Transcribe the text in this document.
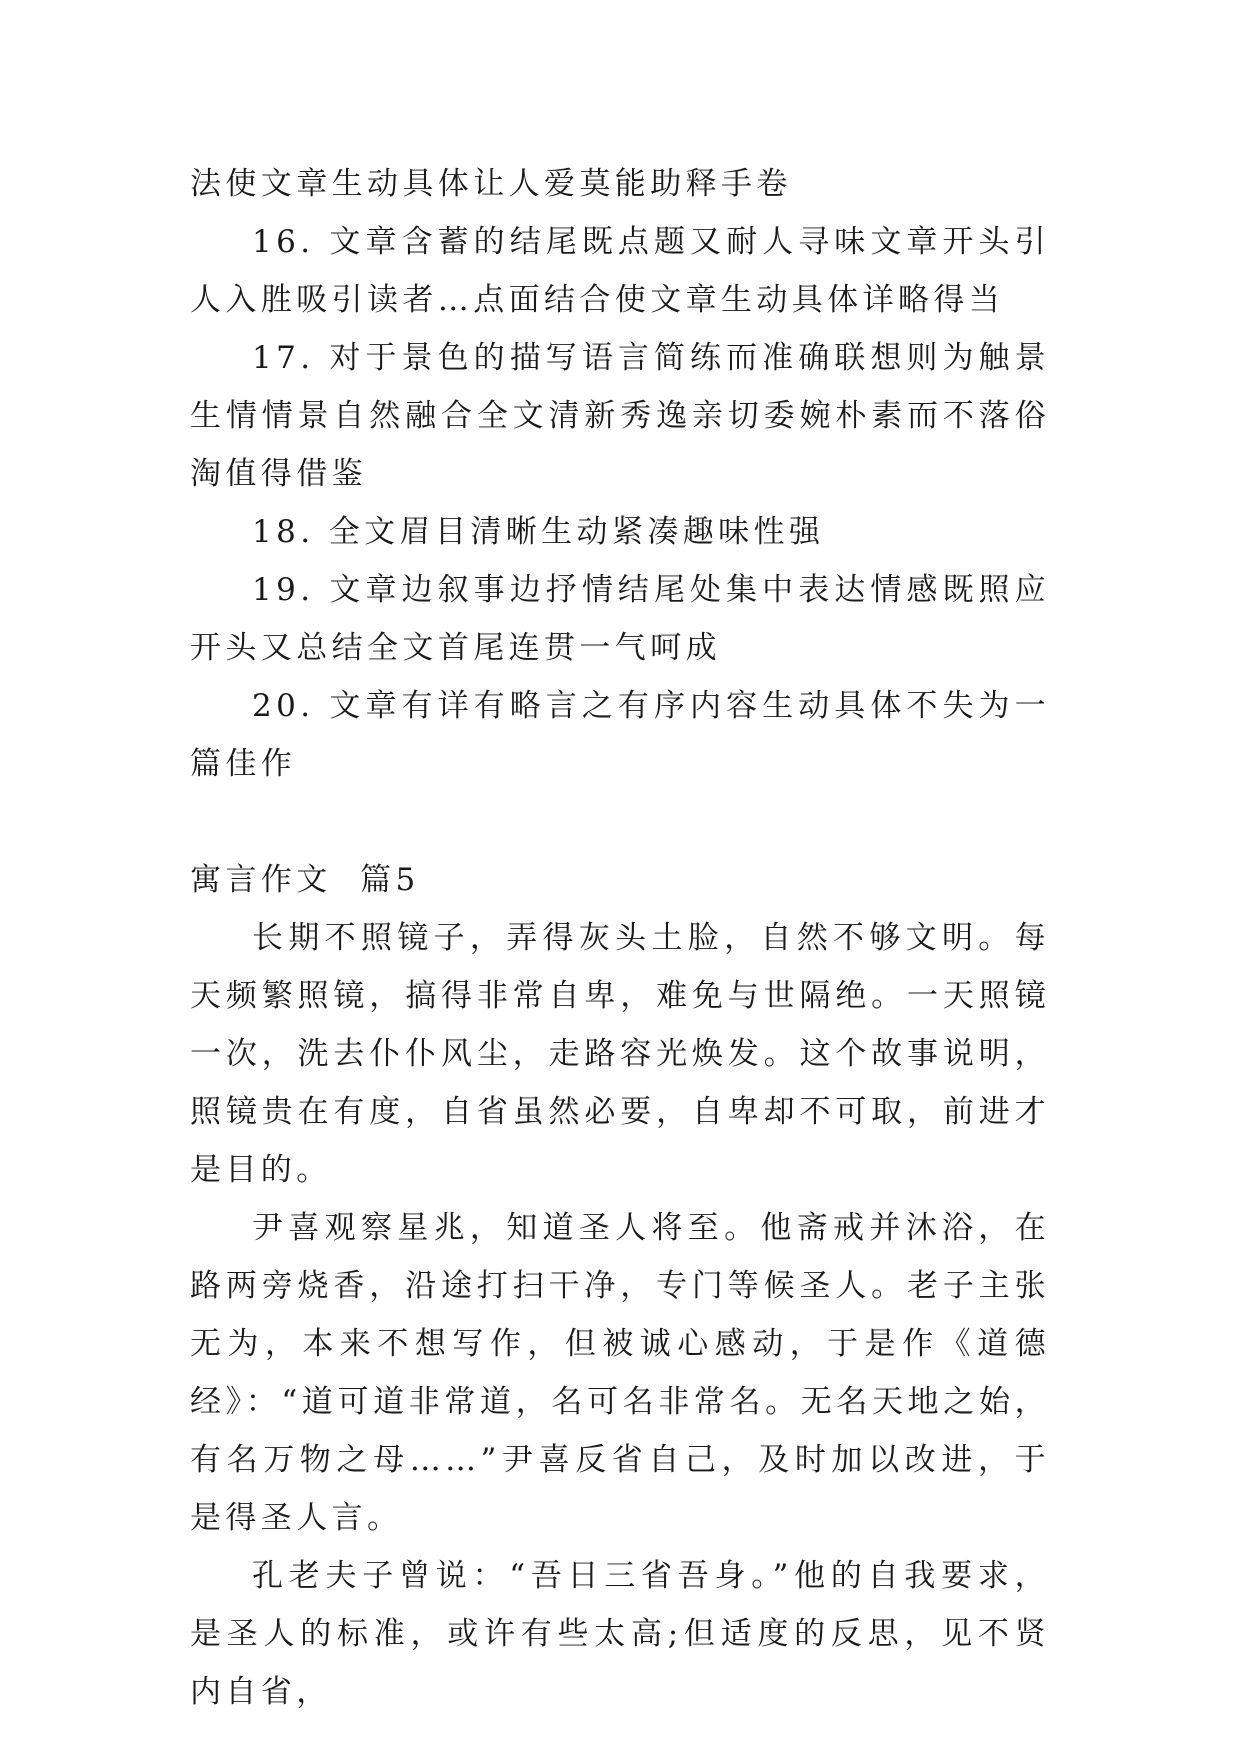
法使文章生动具体让人爱莫能助释手卷

16. 文章含蓄的结尾既点题又耐人寻味文章开头引人入胜吸引读者…点面结合使文章生动具体详略得当

17. 对于景色的描写语言简练而准确联想则为触景生情情景自然融合全文清新秀逸亲切委婉朴素而不落俗淘值得借鉴

18. 全文眉目清晰生动紧凑趣味性强

19. 文章边叙事边抒情结尾处集中表达情感既照应开头又总结全文首尾连贯一气呵成

20. 文章有详有略言之有序内容生动具体不失为一篇佳作

寓言作文  篇5

长期不照镜子，弄得灰头土脸，自然不够文明。每天频繁照镜，搞得非常自卑，难免与世隔绝。一天照镜一次，洗去仆仆风尘，走路容光焕发。这个故事说明，照镜贵在有度，自省虽然必要，自卑却不可取，前进才是目的。

尹喜观察星兆，知道圣人将至。他斋戒并沐浴，在路两旁烧香，沿途打扫干净，专门等候圣人。老子主张无为，本来不想写作，但被诚心感动，于是作《道德经》：“道可道非常道，名可名非常名。无名天地之始，有名万物之母……”尹喜反省自己，及时加以改进，于是得圣人言。

孔老夫子曾说：“吾日三省吾身。”他的自我要求，是圣人的标准，或许有些太高;但适度的反思，见不贤内自省，
